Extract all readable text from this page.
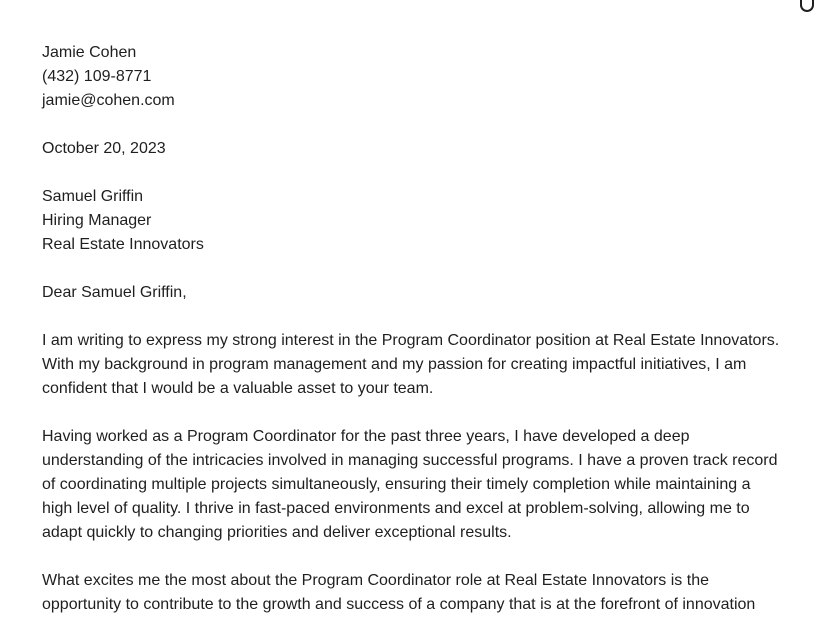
Jamie Cohen
(432) 109-8771
jamie@cohen.com
October 20, 2023
Samuel Griffin
Hiring Manager
Real Estate Innovators
Dear Samuel Griffin,
I am writing to express my strong interest in the Program Coordinator position at Real Estate Innovators.
With my background in program management and my passion for creating impactful initiatives, I am
confident that I would be a valuable asset to your team.
Having worked as a Program Coordinator for the past three years, I have developed a deep
understanding of the intricacies involved in managing successful programs. I have a proven track record
of coordinating multiple projects simultaneously, ensuring their timely completion while maintaining a
high level of quality. I thrive in fast-paced environments and excel at problem-solving, allowing me to
adapt quickly to changing priorities and deliver exceptional results.
What excites me the most about the Program Coordinator role at Real Estate Innovators is the
opportunity to contribute to the growth and success of a company that is at the forefront of innovation
